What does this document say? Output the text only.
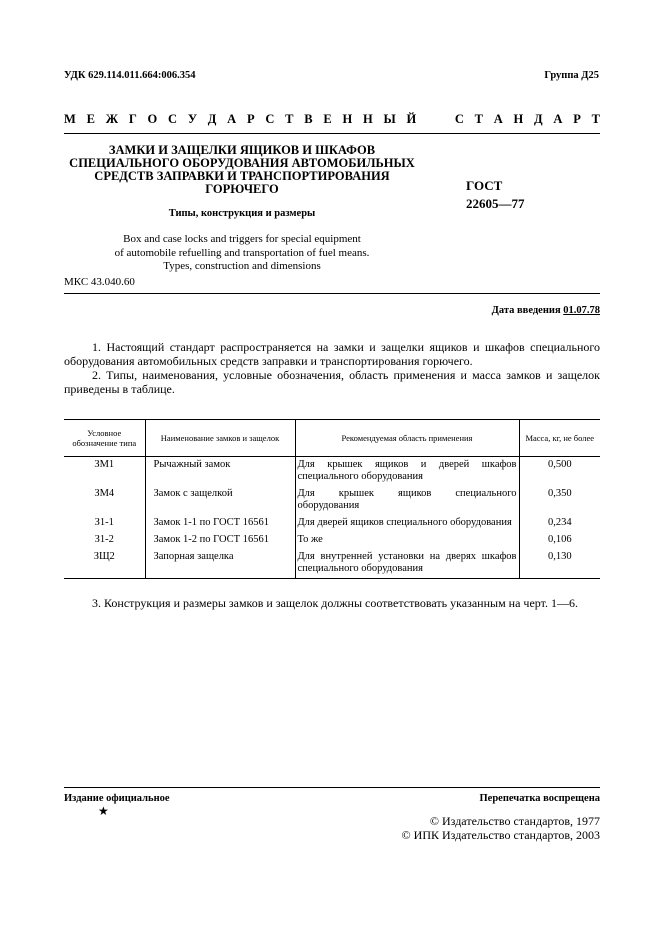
УДК 629.114.011.664:006.354	Группа Д25
М Е Ж Г О С У Д А Р С Т В Е Н Н Ы Й

	С Т А Н Д А Р Т
ЗАМКИ И ЗАЩЕЛКИ ЯЩИКОВ И ШКАФОВ
СПЕЦИАЛЬНОГО ОБОРУДОВАНИЯ АВТОМОБИЛЬНЫХ
СРЕДСТВ ЗАПРАВКИ И ТРАНСПОРТИРОВАНИЯ
ГОРЮЧЕГО	ГОСТ
22605—77
Типы, конструкция и размеры
Box and case locks and triggers for special equipment
of automobile refuelling and transportation of fuel means.
Types, construction and dimensions
МКС 43.040.60
Дата введения 01.07.78
1. Настоящий стандарт распространяется на замки и защелки ящиков и шкафов специального оборудования автомобильных средств заправки и транспортирования горючего.
2. Типы, наименования, условные обозначения, область применения и масса замков и защелок приведены в таблице.
Условное обозначение типа	Наименование замков и защелок	Рекомендуемая область применения	Масса, кг, не более
ЗМ1	Рычажный замок	Для крышек ящиков и дверей шкафов специального оборудования	0,500
ЗМ4	Замок с защелкой	Для крышек ящиков специального оборудования	0,350
З1-1	Замок 1-1 по ГОСТ 16561	Для дверей ящиков специального оборудования	0,234
З1-2	Замок 1-2 по ГОСТ 16561	То же	0,106
ЗЩ2	Запорная защелка	Для внутренней установки на дверях шкафов специального оборудования	0,130
3. Конструкция и размеры замков и защелок должны соответствовать указанным на черт. 1—6.
Издание официальное
★
Перепечатка воспрещена
© Издательство стандартов, 1977
© ИПК Издательство стандартов, 2003
